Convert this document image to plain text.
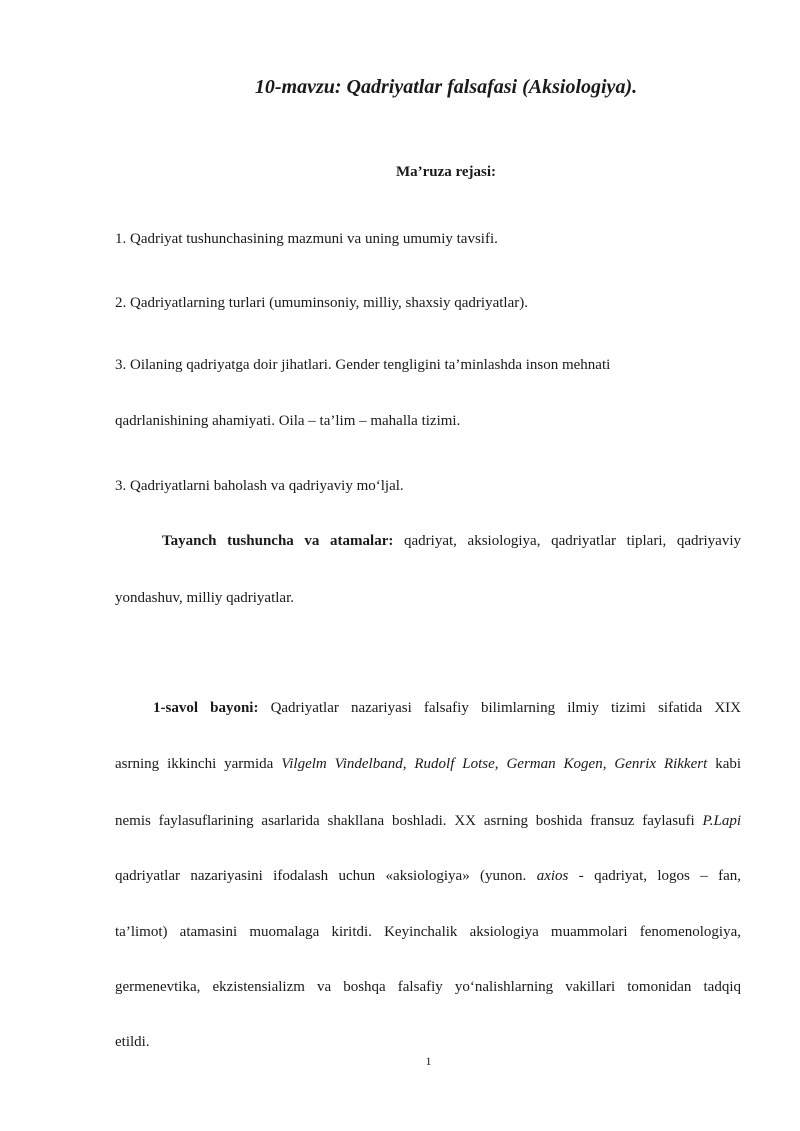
10-mavzu: Qadriyatlar falsafasi (Aksiologiya).
Ma’ruza rejasi:
1. Qadriyat tushunchasining mazmuni va uning umumiy tavsifi.
2. Qadriyatlarning turlari (umuminsoniy, milliy, shaxsiy qadriyatlar).
3. Oilaning qadriyatga doir jihatlari. Gender tengligini ta’minlashda inson mehnati
qadrlanishining ahamiyati. Oila – ta’lim – mahalla tizimi.
3. Qadriyatlarni baholash va qadriyaviy mo‘ljal.
Tayanch tushuncha va atamalar: qadriyat, aksiologiya, qadriyatlar tiplari, qadriyaviy
yondashuv, milliy qadriyatlar.
1-savol bayoni: Qadriyatlar nazariyasi falsafiy bilimlarning ilmiy tizimi sifatida XIX
asrning ikkinchi yarmida Vilgelm Vindelband, Rudolf Lotse, German Kogen, Genrix Rikkert kabi
nemis faylasuflarining asarlarida shakllana boshladi. XX asrning boshida fransuz faylasufi P.Lapi
qadriyatlar nazariyasini ifodalash uchun «aksiologiya» (yunon. axios - qadriyat, logos – fan,
ta’limot) atamasini muomalaga kiritdi. Keyinchalik aksiologiya muammolari fenomenologiya,
germenevtika, ekzistensializm va boshqa falsafiy yo‘nalishlarning vakillari tomonidan tadqiq
etildi.
1
